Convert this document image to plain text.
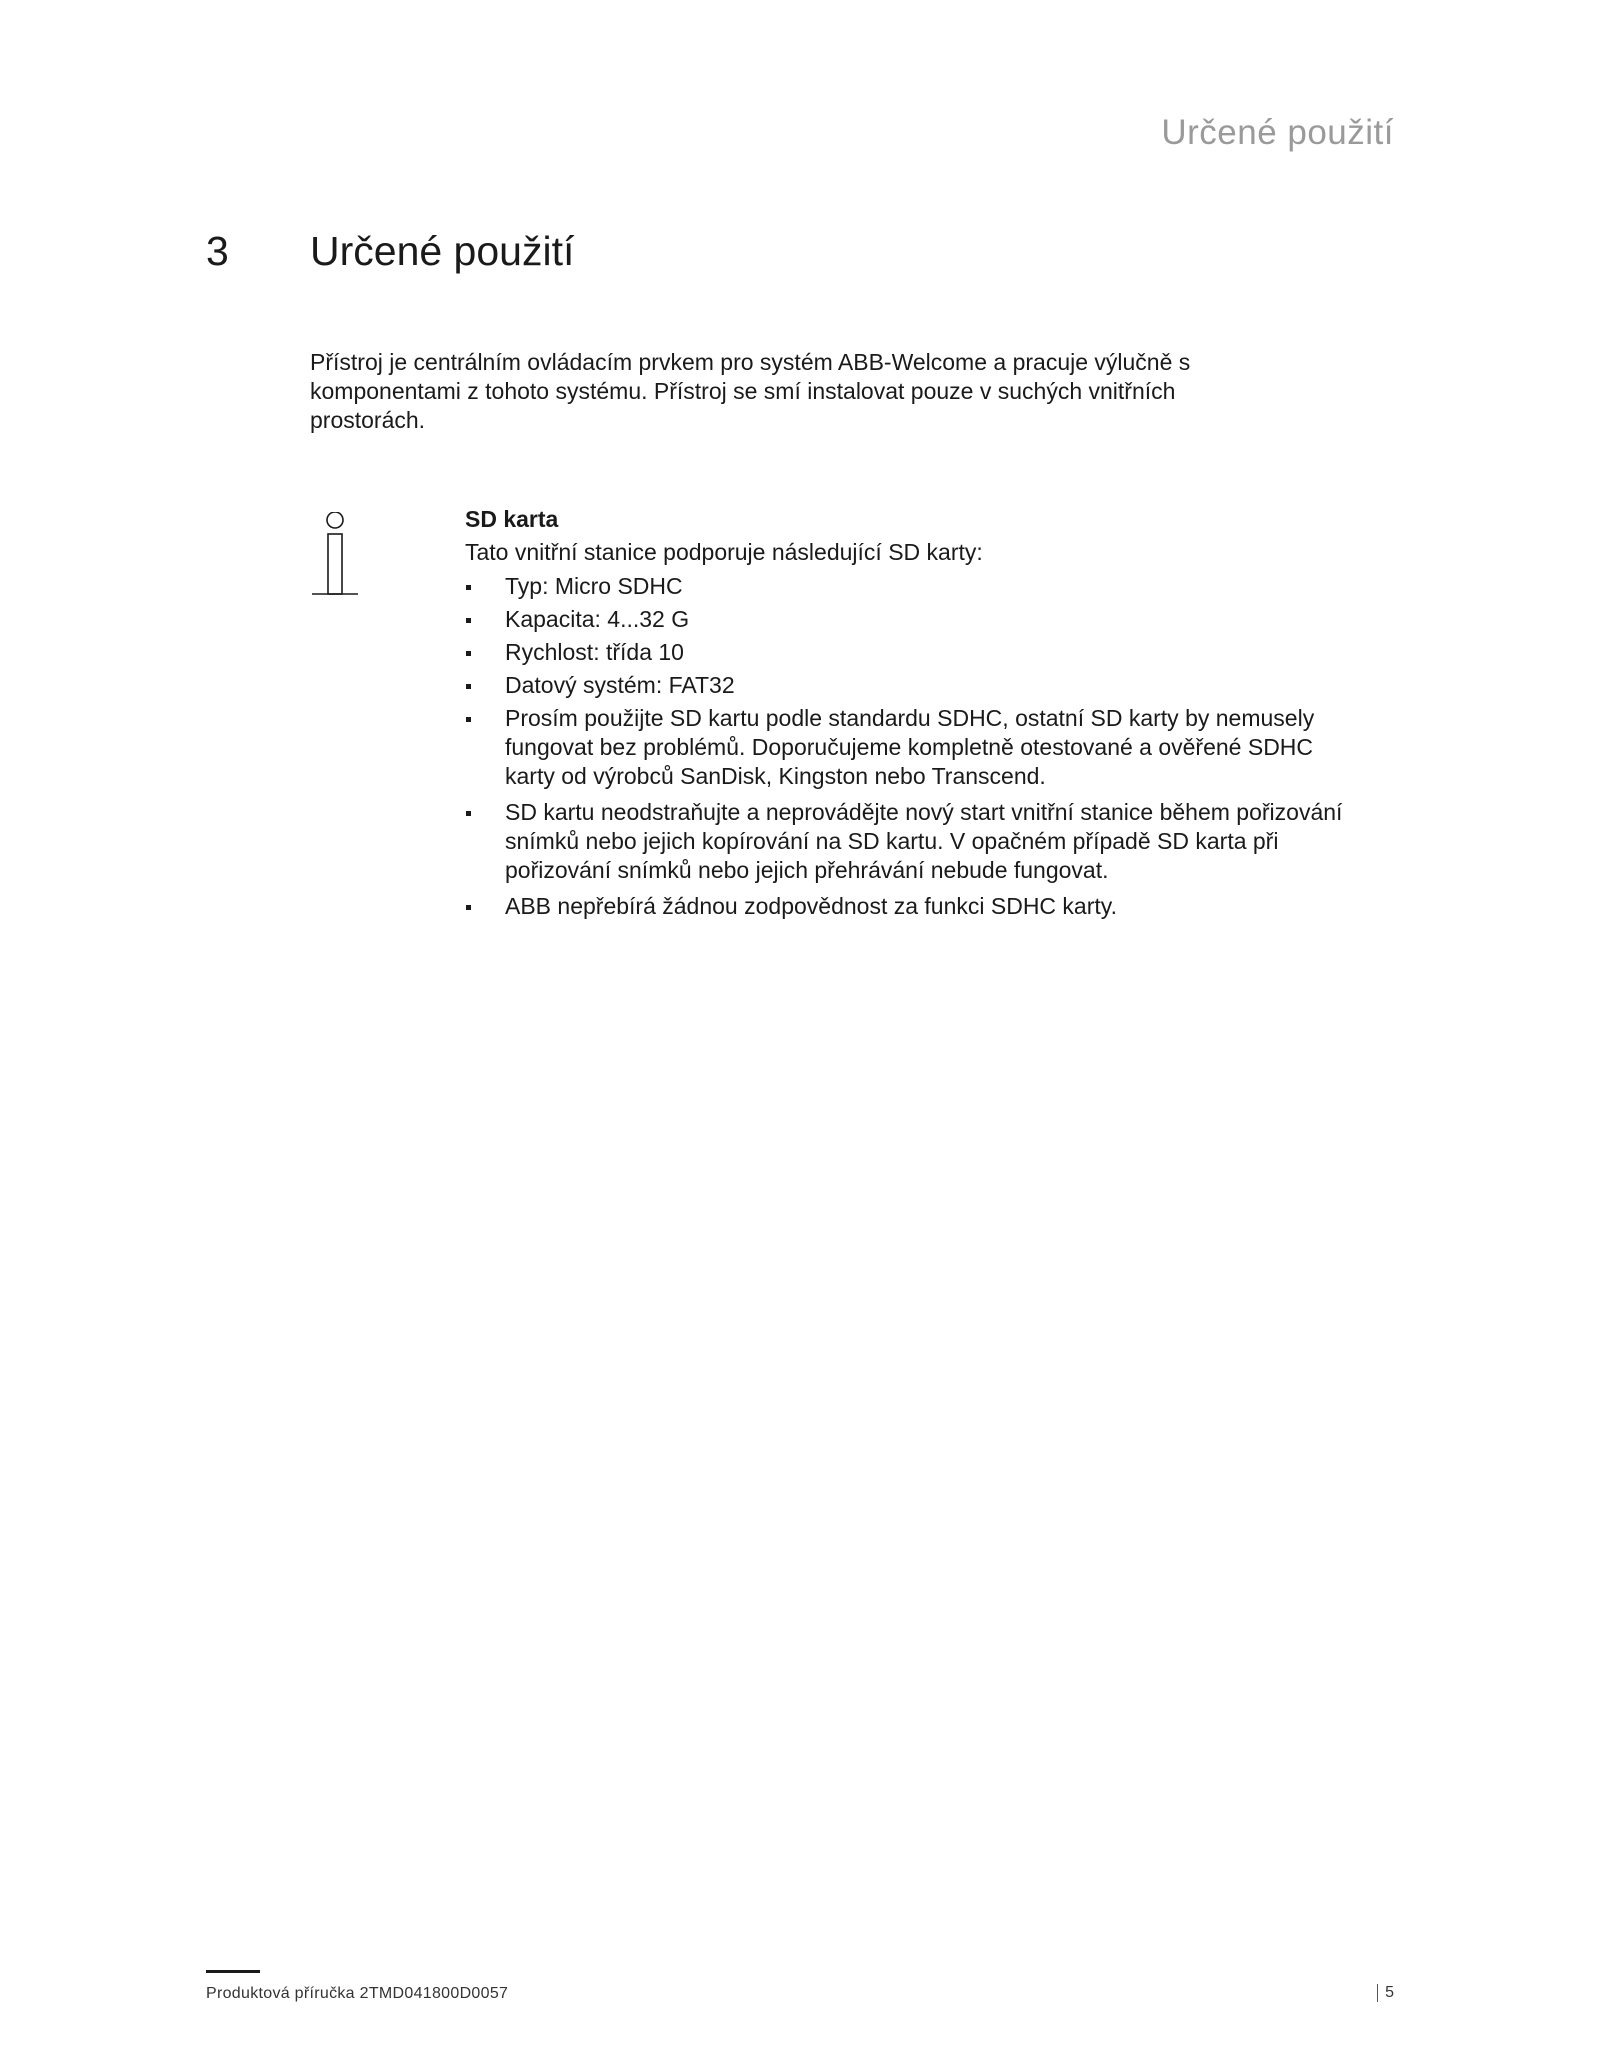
Určené použití
3 Určené použití
Přístroj je centrálním ovládacím prvkem pro systém ABB-Welcome a pracuje výlučně s komponentami z tohoto systému. Přístroj se smí instalovat pouze v suchých vnitřních prostorách.
SD karta
Tato vnitřní stanice podporuje následující SD karty:
Typ: Micro SDHC
Kapacita: 4...32 G
Rychlost: třída 10
Datový systém: FAT32
Prosím použijte SD kartu podle standardu SDHC, ostatní SD karty by nemusely fungovat bez problémů. Doporučujeme kompletně otestované a ověřené SDHC karty od výrobců SanDisk, Kingston nebo Transcend.
SD kartu neodstraňujte a neprovádějte nový start vnitřní stanice během pořizování snímků nebo jejich kopírování na SD kartu. V opačném případě SD karta při pořizování snímků nebo jejich přehrávání nebude fungovat.
ABB nepřebírá žádnou zodpovědnost za funkci SDHC karty.
Produktová příručka 2TMD041800D0057	5
